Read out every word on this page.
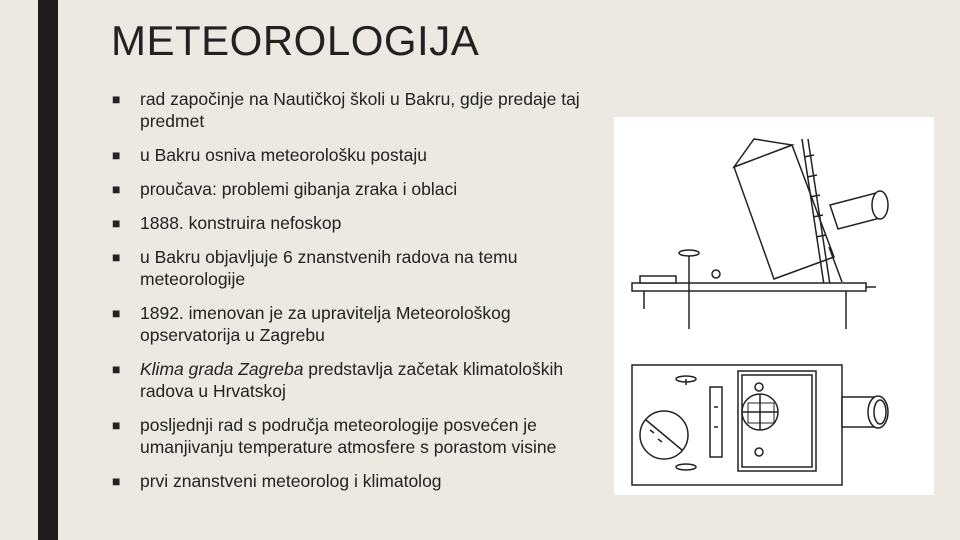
METEOROLOGIJA
■ rad započinje na Nautičkoj školi u Bakru, gdje predaje taj predmet
■ u Bakru osniva meteorološku postaju
■ proučava: problemi gibanja zraka i oblaci
■ 1888. konstruira nefoskop
■ u Bakru objavljuje 6 znanstvenih radova na temu meteorologije
■ 1892. imenovan je za upravitelja Meteorološkog opservatorija u Zagrebu
■ Klima grada Zagreba predstavlja začetak klimatoloških radova u Hrvatskoj
■ posljednji rad s područja meteorologije posvećen je umanjivanju temperature atmosfere s porastom visine
■ prvi znanstveni meteorolog i klimatolog
